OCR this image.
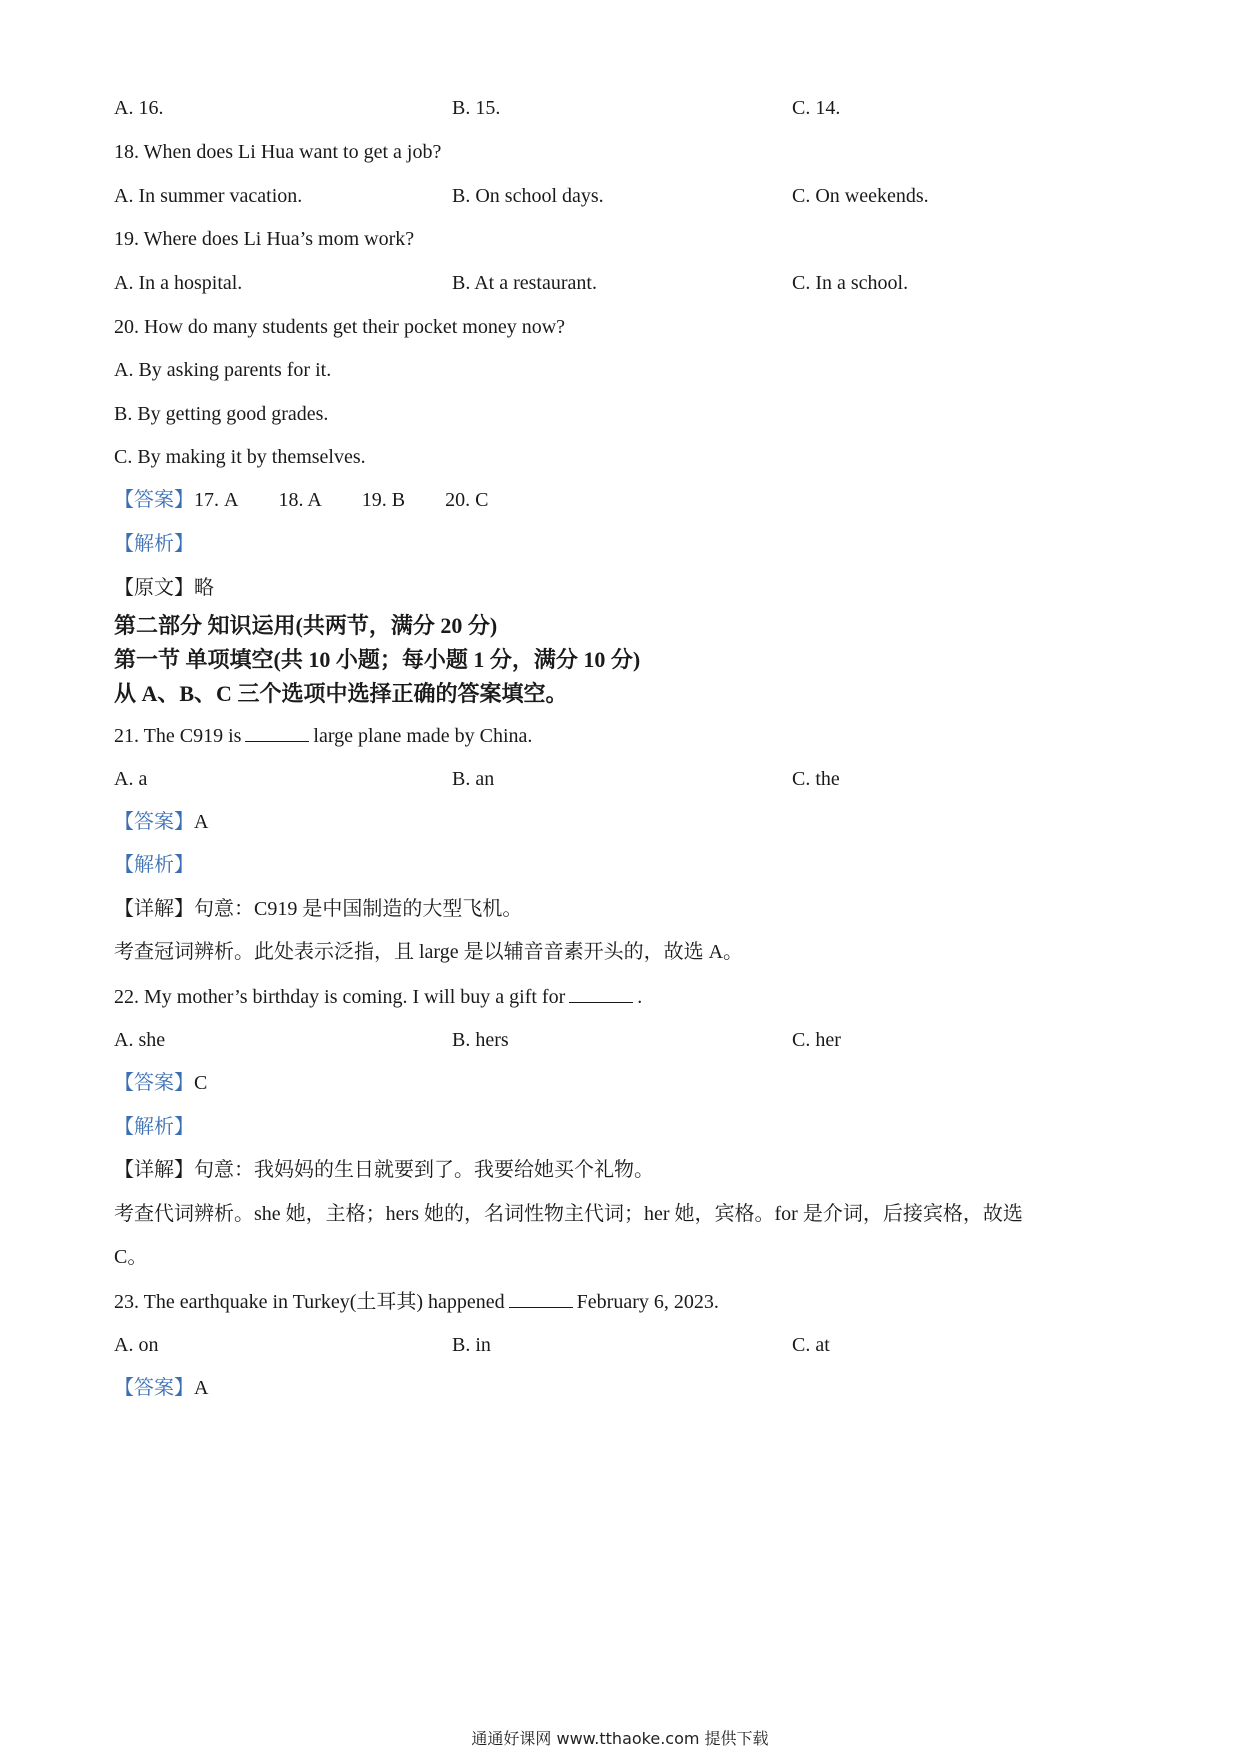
A. 16.	B. 15.	C. 14.
18. When does Li Hua want to get a job?
A. In summer vacation.	B. On school days.	C. On weekends.
19. Where does Li Hua’s mom work?
A. In a hospital.	B. At a restaurant.	C. In a school.
20. How do many students get their pocket money now?
A. By asking parents for it.
B. By getting good grades.
C. By making it by themselves.
【答案】17. A 18. A 19. B 20. C
【解析】
【原文】略
第二部分 知识运用(共两节，满分 20 分)
第一节 单项填空(共 10 小题；每小题 1 分，满分 10 分)
从 A、B、C 三个选项中选择正确的答案填空。
21. The C919 is	large plane made by China.
A. a	B. an	C. the
【答案】A
【解析】
【详解】句意：C919 是中国制造的大型飞机。
考查冠词辨析。此处表示泛指，且 large 是以辅音音素开头的，故选 A。
22. My mother’s birthday is coming. I will buy a gift for	.
A. she	B. hers	C. her
【答案】C
【解析】
【详解】句意：我妈妈的生日就要到了。我要给她买个礼物。
考查代词辨析。she 她，主格；hers 她的，名词性物主代词；her 她，宾格。for 是介词，后接宾格，故选
C。
23. The earthquake in Turkey(土耳其) happened	February 6, 2023.
A. on	B. in	C. at
【答案】A
通通好课网 www.tthaoke.com 提供下载
